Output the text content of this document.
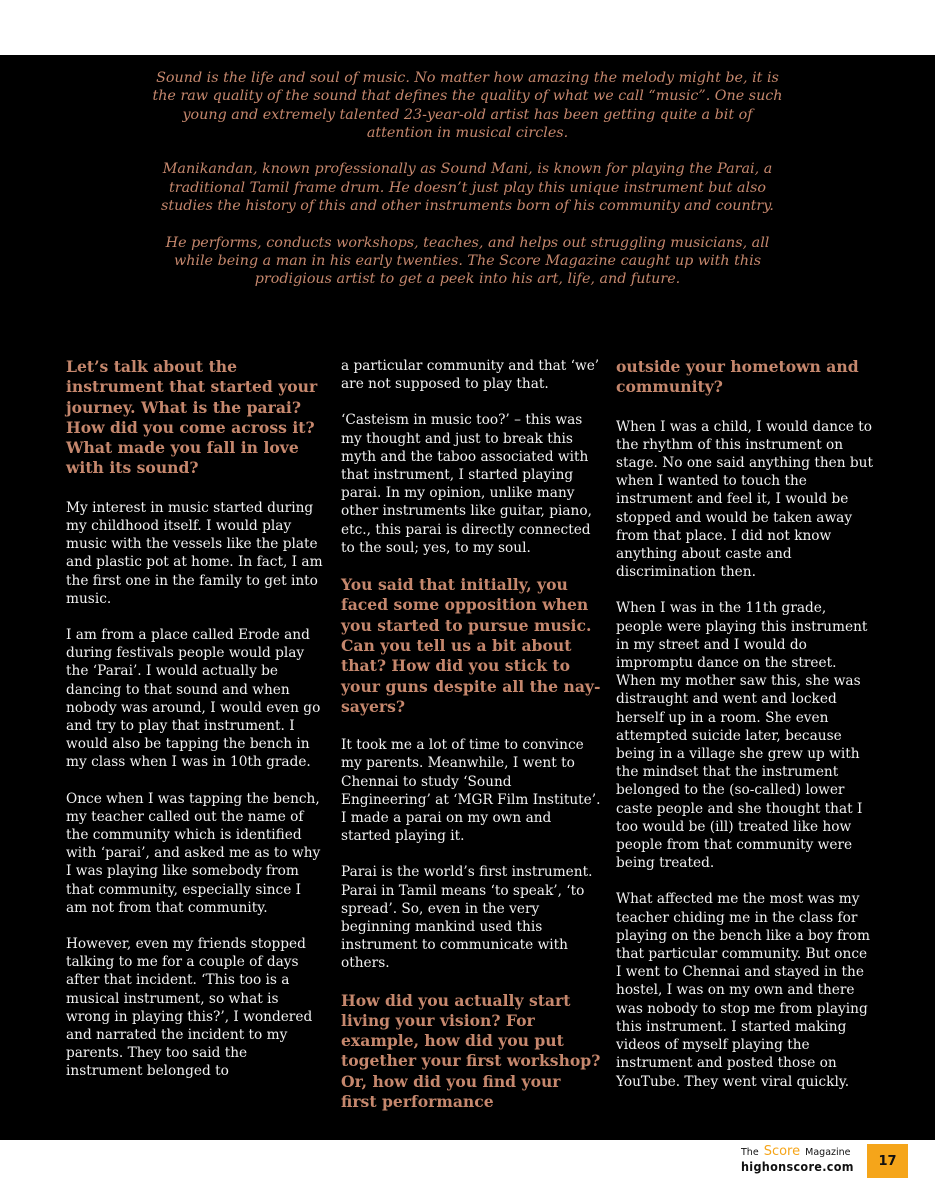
Sound is the life and soul of music. No matter how amazing the melody might be, it is the raw quality of the sound that defines the quality of what we call “music”. One such young and extremely talented 23-year-old artist has been getting quite a bit of attention in musical circles.

Manikandan, known professionally as Sound Mani, is known for playing the Parai, a traditional Tamil frame drum. He doesn’t just play this unique instrument but also studies the history of this and other instruments born of his community and country.

He performs, conducts workshops, teaches, and helps out struggling musicians, all while being a man in his early twenties. The Score Magazine caught up with this prodigious artist to get a peek into his art, life, and future.

Let’s talk about the instrument that started your journey. What is the parai? How did you come across it? What made you fall in love with its sound?

My interest in music started during my childhood itself. I would play music with the vessels like the plate and plastic pot at home. In fact, I am the first one in the family to get into music.

I am from a place called Erode and during festivals people would play the ‘Parai’. I would actually be dancing to that sound and when nobody was around, I would even go and try to play that instrument. I would also be tapping the bench in my class when I was in 10th grade.

Once when I was tapping the bench, my teacher called out the name of the community which is identified with ‘parai’, and asked me as to why I was playing like somebody from that community, especially since I am not from that community.

However, even my friends stopped talking to me for a couple of days after that incident. ‘This too is a musical instrument, so what is wrong in playing this?’, I wondered and narrated the incident to my parents. They too said the instrument belonged to

a particular community and that ‘we’ are not supposed to play that.

‘Casteism in music too?’ – this was my thought and just to break this myth and the taboo associated with that instrument, I started playing parai. In my opinion, unlike many other instruments like guitar, piano, etc., this parai is directly connected to the soul; yes, to my soul.

You said that initially, you faced some opposition when you started to pursue music. Can you tell us a bit about that? How did you stick to your guns despite all the nay-sayers?

It took me a lot of time to convince my parents. Meanwhile, I went to Chennai to study ‘Sound Engineering’ at ‘MGR Film Institute’. I made a parai on my own and started playing it.

Parai is the world’s first instrument. Parai in Tamil means ‘to speak’, ‘to spread’. So, even in the very beginning mankind used this instrument to communicate with others.

How did you actually start living your vision? For example, how did you put together your first workshop? Or, how did you find your first performance

outside your hometown and community?

When I was a child, I would dance to the rhythm of this instrument on stage. No one said anything then but when I wanted to touch the instrument and feel it, I would be stopped and would be taken away from that place. I did not know anything about caste and discrimination then.

When I was in the 11th grade, people were playing this instrument in my street and I would do impromptu dance on the street. When my mother saw this, she was distraught and went and locked herself up in a room. She even attempted suicide later, because being in a village she grew up with the mindset that the instrument belonged to the (so-called) lower caste people and she thought that I too would be (ill) treated like how people from that community were being treated.

What affected me the most was my teacher chiding me in the class for playing on the bench like a boy from that particular community. But once I went to Chennai and stayed in the hostel, I was on my own and there was nobody to stop me from playing this instrument. I started making videos of myself playing the instrument and posted those on YouTube. They went viral quickly.

The Score Magazine
highonscore.com	17
